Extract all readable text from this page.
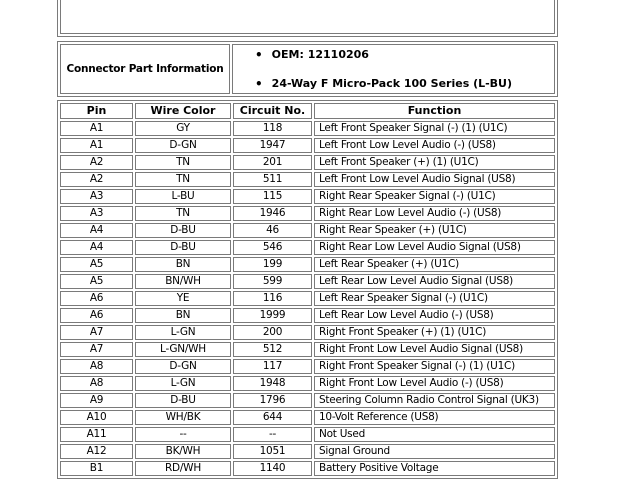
Connector Part Information	
• OEM: 12110206
• 24-Way F Micro-Pack 100 Series (L-BU)
Pin	Wire Color	Circuit No.	Function
A1	GY	118	Left Front Speaker Signal (-) (1) (U1C)
A1	D-GN	1947	Left Front Low Level Audio (-) (US8)
A2	TN	201	Left Front Speaker (+) (1) (U1C)
A2	TN	511	Left Front Low Level Audio Signal (US8)
A3	L-BU	115	Right Rear Speaker Signal (-) (U1C)
A3	TN	1946	Right Rear Low Level Audio (-) (US8)
A4	D-BU	46	Right Rear Speaker (+) (U1C)
A4	D-BU	546	Right Rear Low Level Audio Signal (US8)
A5	BN	199	Left Rear Speaker (+) (U1C)
A5	BN/WH	599	Left Rear Low Level Audio Signal (US8)
A6	YE	116	Left Rear Speaker Signal (-) (U1C)
A6	BN	1999	Left Rear Low Level Audio (-) (US8)
A7	L-GN	200	Right Front Speaker (+) (1) (U1C)
A7	L-GN/WH	512	Right Front Low Level Audio Signal (US8)
A8	D-GN	117	Right Front Speaker Signal (-) (1) (U1C)
A8	L-GN	1948	Right Front Low Level Audio (-) (US8)
A9	D-BU	1796	Steering Column Radio Control Signal (UK3)
A10	WH/BK	644	10-Volt Reference (US8)
A11	--	--	Not Used
A12	BK/WH	1051	Signal Ground
B1	RD/WH	1140	Battery Positive Voltage
